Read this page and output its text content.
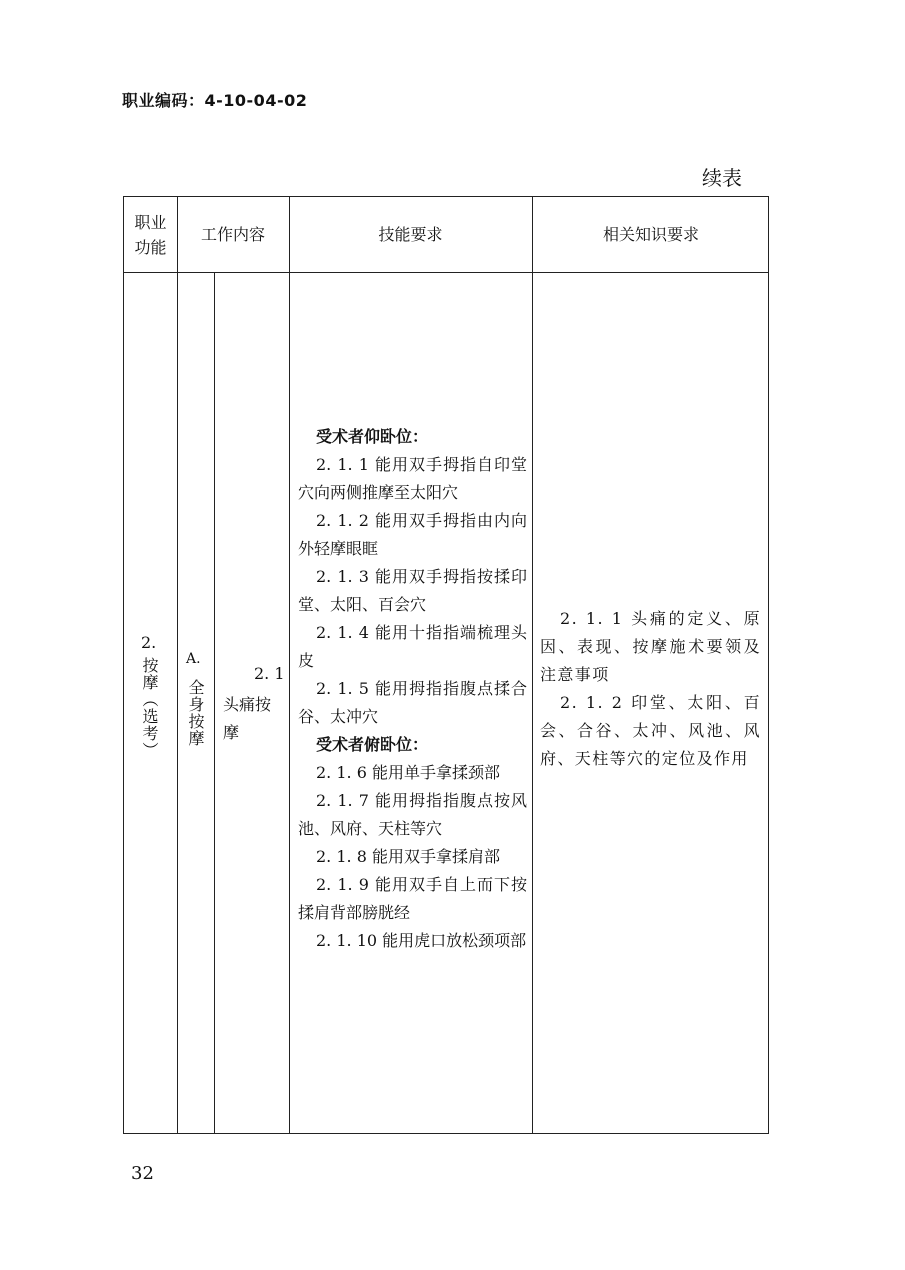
职业编码：4-10-04-02
续表
职业功能
工作内容	技能要求	相关知识要求
2.
按摩（选考） A.
全身按摩
2. 1
头痛按摩
受术者仰卧位：
2. 1. 1 能用双手拇指自印堂穴向两侧推摩至太阳穴
2. 1. 2 能用双手拇指由内向外轻摩眼眶
2. 1. 3 能用双手拇指按揉印堂、太阳、百会穴
2. 1. 4 能用十指指端梳理头皮
2. 1. 5 能用拇指指腹点揉合谷、太冲穴
受术者俯卧位：
2. 1. 6 能用单手拿揉颈部
2. 1. 7 能用拇指指腹点按风池、风府、天柱等穴
2. 1. 8 能用双手拿揉肩部
2. 1. 9 能用双手自上而下按揉肩背部膀胱经
2. 1. 10 能用虎口放松颈项部
2. 1. 1 头痛的定义、原因、表现、按摩施术要领及注意事项
2. 1. 2 印堂、太阳、百会、合谷、太冲、风池、风府、天柱等穴的定位及作用
32
